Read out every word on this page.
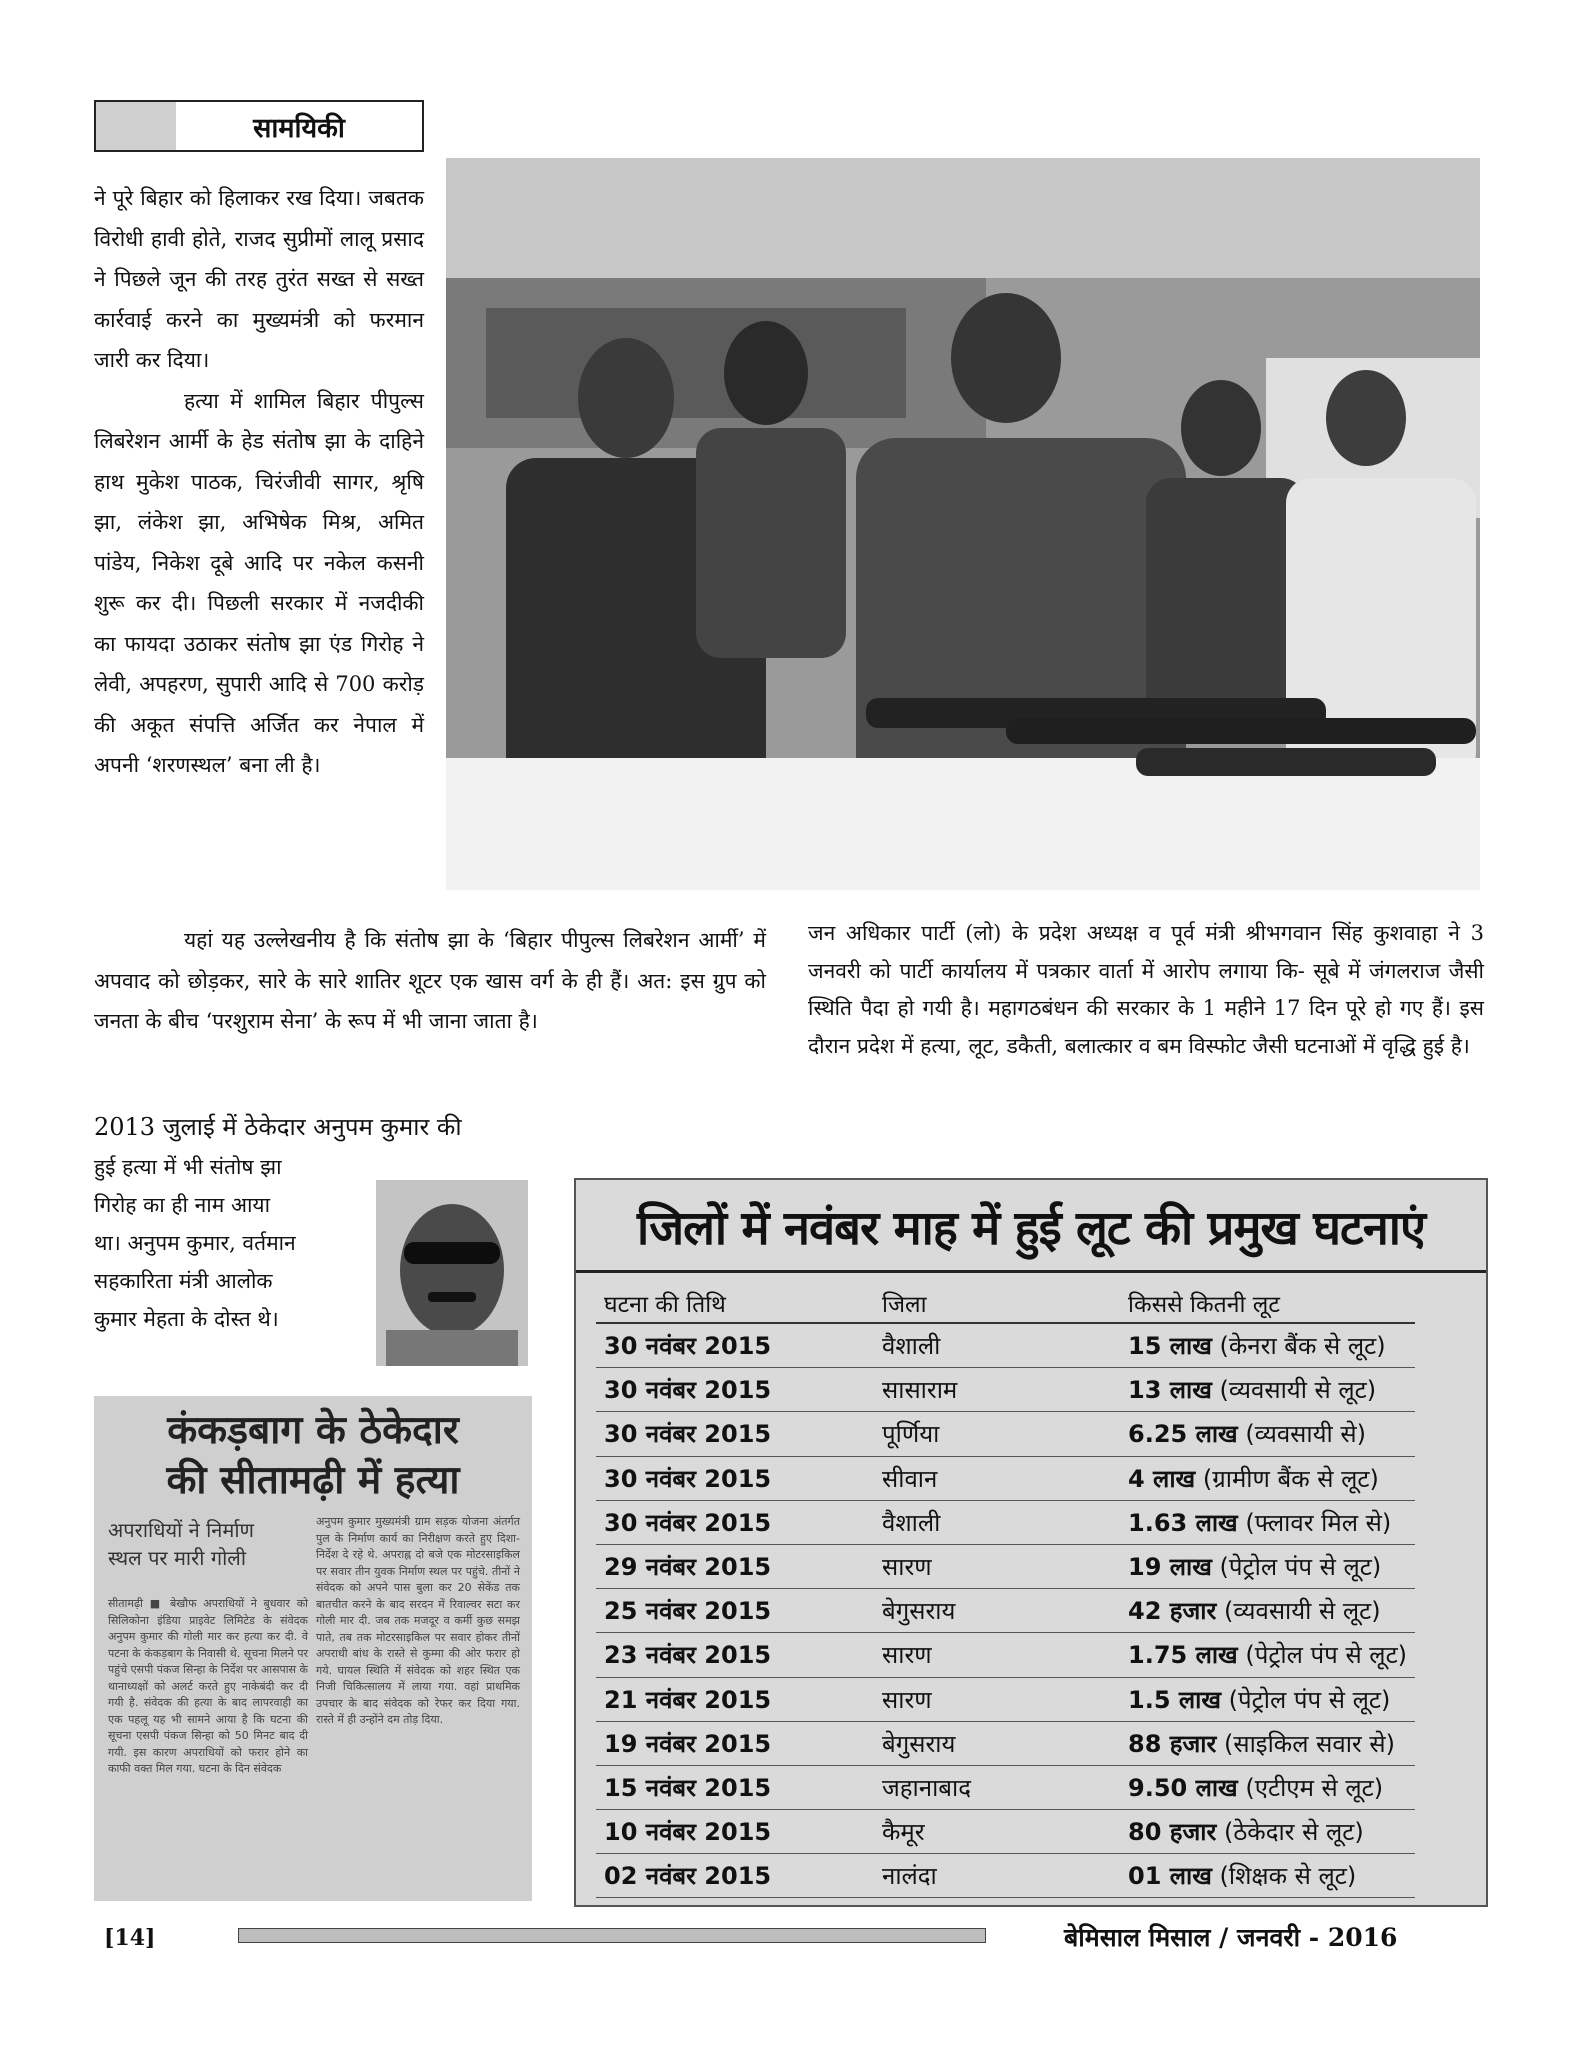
सामयिकी

ने पूरे बिहार को हिलाकर रख दिया। जबतक विरोधी हावी होते, राजद सुप्रीमों लालू प्रसाद ने पिछले जून की तरह तुरंत सख्त से सख्त कार्रवाई करने का मुख्यमंत्री को फरमान जारी कर दिया।

हत्या में शामिल बिहार पीपुल्स लिबरेशन आर्मी के हेड संतोष झा के दाहिने हाथ मुकेश पाठक, चिरंजीवी सागर, श्रृषि झा, लंकेश झा, अभिषेक मिश्र, अमित पांडेय, निकेश दूबे आदि पर नकेल कसनी शुरू कर दी। पिछली सरकार में नजदीकी का फायदा उठाकर संतोष झा एंड गिरोह ने लेवी, अपहरण, सुपारी आदि से 700 करोड़ की अकूत संपत्ति अर्जित कर नेपाल में अपनी ‘शरणस्थल’ बना ली है।

यहां यह उल्लेखनीय है कि संतोष झा के ‘बिहार पीपुल्स लिबरेशन आर्मी’ में अपवाद को छोड़कर, सारे के सारे शातिर शूटर एक खास वर्ग के ही हैं। अत: इस ग्रुप को जनता के बीच ‘परशुराम सेना’ के रूप में भी जाना जाता है।

जन अधिकार पार्टी (लो) के प्रदेश अध्यक्ष व पूर्व मंत्री श्रीभगवान सिंह कुशवाहा ने 3 जनवरी को पार्टी कार्यालय में पत्रकार वार्ता में आरोप लगाया कि- सूबे में जंगलराज जैसी स्थिति पैदा हो गयी है। महागठबंधन की सरकार के 1 महीने 17 दिन पूरे हो गए हैं। इस दौरान प्रदेश में हत्या, लूट, डकैती, बलात्कार व बम विस्फोट जैसी घटनाओं में वृद्धि हुई है।

2013 जुलाई में ठेकेदार अनुपम कुमार की
हुई हत्या में भी संतोष झा
गिरोह का ही नाम आया
था। अनुपम कुमार, वर्तमान
सहकारिता मंत्री आलोक
कुमार मेहता के दोस्त थे।
कंकड़बाग के ठेकेदार
की सीतामढ़ी में हत्या
अपराधियों ने निर्माण
स्थल पर मारी गोली
सीतामढ़ी ■ बेखौफ अपराधियों ने बुधवार को सिलिकोना इंडिया प्राइवेट लिमिटेड के संवेदक अनुपम कुमार की गोली मार कर हत्या कर दी. वे पटना के कंकड़बाग के निवासी थे. सूचना मिलने पर पहुंचे एसपी पंकज सिन्हा के निर्देश पर आसपास के थानाध्यक्षों को अलर्ट करते हुए नाकेबंदी कर दी गयी है. संवेदक की हत्या के बाद लापरवाही का एक पहलू यह भी सामने आया है कि घटना की सूचना एसपी पंकज सिन्हा को 50 मिनट बाद दी गयी. इस कारण अपराधियों को फरार होने का काफी वक्त मिल गया. घटना के दिन संवेदक
अनुपम कुमार मुख्यमंत्री ग्राम सड़क योजना अंतर्गत पुल के निर्माण कार्य का निरीक्षण करते हुए दिशा-निर्देश दे रहे थे. अपराह्न दो बजे एक मोटरसाइकिल पर सवार तीन युवक निर्माण स्थल पर पहुंचे. तीनों ने संवेदक को अपने पास बुला कर 20 सेकेंड तक बातचीत करने के बाद सरदन में रिवाल्वर सटा कर गोली मार दी. जब तक मजदूर व कर्मी कुछ समझ पाते, तब तक मोटरसाइकिल पर सवार होकर तीनों अपराधी बांध के रास्ते से कुम्मा की ओर फरार हो गये. घायल स्थिति में संवेदक को शहर स्थित एक निजी चिकित्सालय में लाया गया. वहां प्राथमिक उपचार के बाद संवेदक को रेफर कर दिया गया. रास्ते में ही उन्होंने दम तोड़ दिया.
जिलों में नवंबर माह में हुई लूट की प्रमुख घटनाएं
घटना की तिथि	जिला	किससे कितनी लूट
30 नवंबर 2015	वैशाली	15 लाख (केनरा बैंक से लूट)
30 नवंबर 2015	सासाराम	13 लाख (व्यवसायी से लूट)
30 नवंबर 2015	पूर्णिया	6.25 लाख (व्यवसायी से)
30 नवंबर 2015	सीवान	4 लाख (ग्रामीण बैंक से लूट)
30 नवंबर 2015	वैशाली	1.63 लाख (फ्लावर मिल से)
29 नवंबर 2015	सारण	19 लाख (पेट्रोल पंप से लूट)
25 नवंबर 2015	बेगुसराय	42 हजार (व्यवसायी से लूट)
23 नवंबर 2015	सारण	1.75 लाख (पेट्रोल पंप से लूट)
21 नवंबर 2015	सारण	1.5 लाख (पेट्रोल पंप से लूट)
19 नवंबर 2015	बेगुसराय	88 हजार (साइकिल सवार से)
15 नवंबर 2015	जहानाबाद	9.50 लाख (एटीएम से लूट)
10 नवंबर 2015	कैमूर	80 हजार (ठेकेदार से लूट)
02 नवंबर 2015	नालंदा	01 लाख (शिक्षक से लूट)
[14]	बेमिसाल मिसाल / जनवरी - 2016
